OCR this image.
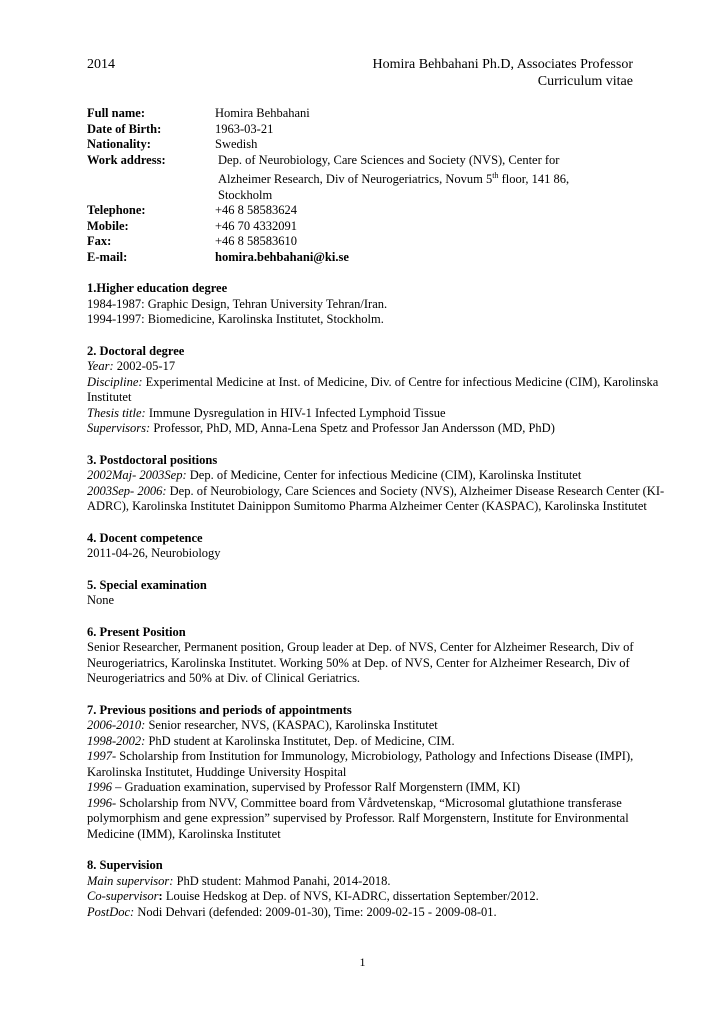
2014	Homira Behbahani Ph.D, Associates Professor
Curriculum vitae
Full name:	Homira Behbahani
Date of Birth:	1963-03-21
Nationality:	Swedish
Work address:	Dep. of Neurobiology, Care Sciences and Society (NVS), Center for
Alzheimer Research, Div of Neurogeriatrics, Novum 5th floor, 141 86,
Stockholm
Telephone:	+46 8 58583624
Mobile:	+46 70 4332091
Fax:	+46 8 58583610
E-mail:	homira.behbahani@ki.se
1.Higher education degree

1984-1987: Graphic Design, Tehran University Tehran/Iran.

1994-1997: Biomedicine, Karolinska Institutet, Stockholm.

2. Doctoral degree

Year: 2002-05-17

Discipline: Experimental Medicine at Inst. of Medicine, Div. of Centre for infectious Medicine (CIM), Karolinska Institutet

Thesis title: Immune Dysregulation in HIV-1 Infected Lymphoid Tissue

Supervisors: Professor, PhD, MD, Anna-Lena Spetz and Professor Jan Andersson (MD, PhD)

3. Postdoctoral positions

2002Maj- 2003Sep: Dep. of Medicine, Center for infectious Medicine (CIM), Karolinska Institutet

2003Sep- 2006: Dep. of Neurobiology, Care Sciences and Society (NVS), Alzheimer Disease Research Center (KI-ADRC), Karolinska Institutet Dainippon Sumitomo Pharma Alzheimer Center (KASPAC), Karolinska Institutet

4. Docent competence

2011-04-26, Neurobiology

5. Special examination

None

6. Present Position

Senior Researcher, Permanent position, Group leader at Dep. of NVS, Center for Alzheimer Research, Div of Neurogeriatrics, Karolinska Institutet. Working 50% at Dep. of NVS, Center for Alzheimer Research, Div of Neurogeriatrics and 50% at Div. of Clinical Geriatrics.

7. Previous positions and periods of appointments

2006-2010: Senior researcher, NVS, (KASPAC), Karolinska Institutet

1998-2002: PhD student at Karolinska Institutet, Dep. of Medicine, CIM.

1997- Scholarship from Institution for Immunology, Microbiology, Pathology and Infections Disease (IMPI), Karolinska Institutet, Huddinge University Hospital

1996 – Graduation examination, supervised by Professor Ralf Morgenstern (IMM, KI)

1996- Scholarship from NVV, Committee board from Vårdvetenskap, “Microsomal glutathione transferase polymorphism and gene expression” supervised by Professor. Ralf Morgenstern, Institute for Environmental Medicine (IMM), Karolinska Institutet

8. Supervision

Main supervisor: PhD student: Mahmod Panahi, 2014-2018.

Co-supervisor: Louise Hedskog at Dep. of NVS, KI-ADRC, dissertation September/2012.

PostDoc: Nodi Dehvari (defended: 2009-01-30), Time: 2009-02-15 - 2009-08-01.

1
